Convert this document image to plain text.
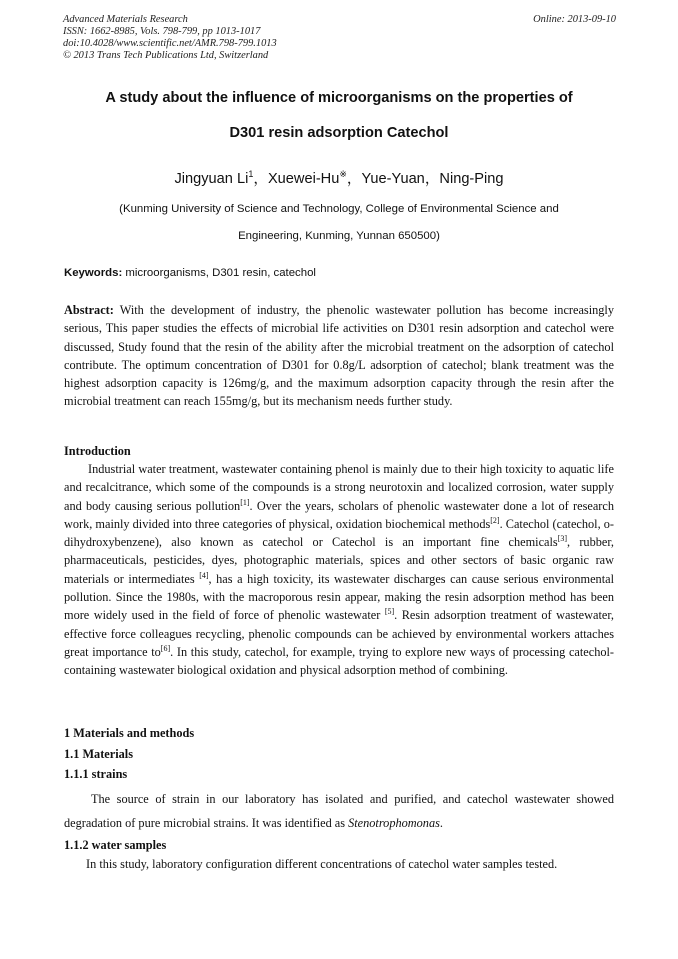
Advanced Materials Research
ISSN: 1662-8985, Vols. 798-799, pp 1013-1017
doi:10.4028/www.scientific.net/AMR.798-799.1013
© 2013 Trans Tech Publications Ltd, Switzerland
Online: 2013-09-10
A study about the influence of microorganisms on the properties of
D301 resin adsorption Catechol
Jingyuan Li$^1$，Xuewei-Hu※，Yue-Yuan，Ning-Ping
(Kunming University of Science and Technology, College of Environmental Science and
Engineering, Kunming, Yunnan 650500)
Keywords: microorganisms, D301 resin, catechol
Abstract: With the development of industry, the phenolic wastewater pollution has become increasingly serious, This paper studies the effects of microbial life activities on D301 resin adsorption and catechol were discussed, Study found that the resin of the ability after the microbial treatment on the adsorption of catechol contribute. The optimum concentration of D301 for 0.8g/L adsorption of catechol; blank treatment was the highest adsorption capacity is 126mg/g, and the maximum adsorption capacity through the resin after the microbial treatment can reach 155mg/g, but its mechanism needs further study.
Introduction
Industrial water treatment, wastewater containing phenol is mainly due to their high toxicity to aquatic life and recalcitrance, which some of the compounds is a strong neurotoxin and localized corrosion, water supply and body causing serious pollution[1]. Over the years, scholars of phenolic wastewater done a lot of research work, mainly divided into three categories of physical, oxidation biochemical methods[2]. Catechol (catechol, o-dihydroxybenzene), also known as catechol or Catechol is an important fine chemicals[3], rubber, pharmaceuticals, pesticides, dyes, photographic materials, spices and other sectors of basic organic raw materials or intermediates [4], has a high toxicity, its wastewater discharges can cause serious environmental pollution. Since the 1980s, with the macroporous resin appear, making the resin adsorption method has been more widely used in the field of force of phenolic wastewater [5]. Resin adsorption treatment of wastewater, effective force colleagues recycling, phenolic compounds can be achieved by environmental workers attaches great importance to[6]. In this study, catechol, for example, trying to explore new ways of processing catechol-containing wastewater biological oxidation and physical adsorption method of combining.
1 Materials and methods
1.1 Materials
1.1.1 strains
The source of strain in our laboratory has isolated and purified, and catechol wastewater showed degradation of pure microbial strains. It was identified as Stenotrophomonas.
1.1.2 water samples
In this study, laboratory configuration different concentrations of catechol water samples tested.
